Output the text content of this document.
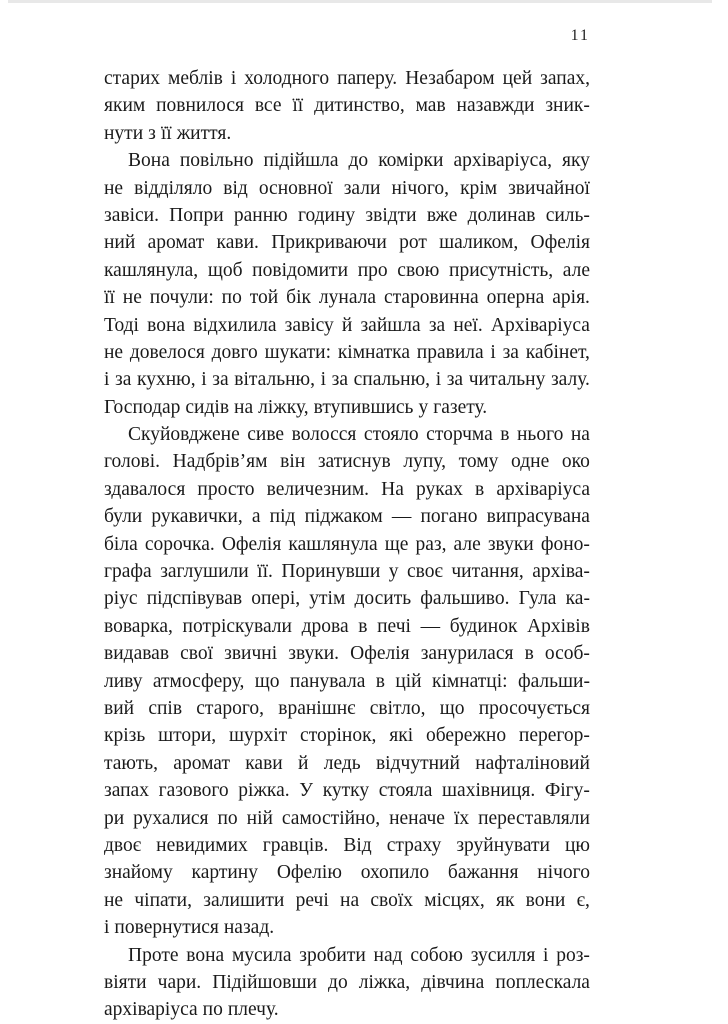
11
старих меблів і холодного паперу. Незабаром цей запах,
яким повнилося все її дитинство, мав назавжди зник-
нути з її життя.
Вона повільно підійшла до комірки архіваріуса, яку
не відділяло від основної зали нічого, крім звичайної
завіси. Попри ранню годину звідти вже долинав силь-
ний аромат кави. Прикриваючи рот шаликом, Офелія
кашлянула, щоб повідомити про свою присутність, але
її не почули: по той бік лунала старовинна оперна арія.
Тоді вона відхилила завісу й зайшла за неї. Архіваріуса
не довелося довго шукати: кімнатка правила і за кабінет,
і за кухню, і за вітальню, і за спальню, і за читальну залу.
Господар сидів на ліжку, втупившись у газету.
Скуйовджене сиве волосся стояло сторчма в нього на
голові. Надбрів’ям він затиснув лупу, тому одне око
здавалося просто величезним. На руках в архіваріуса
були рукавички, а під піджаком — погано випрасувана
біла сорочка. Офелія кашлянула ще раз, але звуки фоно-
графа заглушили її. Поринувши у своє читання, архіва-
ріус підспівував опері, утім досить фальшиво. Гула ка-
воварка, потріскували дрова в печі — будинок Архівів
видавав свої звичні звуки. Офелія занурилася в особ-
ливу атмосферу, що панувала в цій кімнатці: фальши-
вий спів старого, вранішнє світло, що просочується
крізь штори, шурхіт сторінок, які обережно перегор-
тають, аромат кави й ледь відчутний нафталіновий
запах газового ріжка. У кутку стояла шахівниця. Фігу-
ри рухалися по ній самостійно, неначе їх переставляли
двоє невидимих гравців. Від страху зруйнувати цю
знайому картину Офелію охопило бажання нічого
не чіпати, залишити речі на своїх місцях, як вони є,
і повернутися назад.
Проте вона мусила зробити над собою зусилля і роз-
віяти чари. Підійшовши до ліжка, дівчина поплескала
архіваріуса по плечу.
